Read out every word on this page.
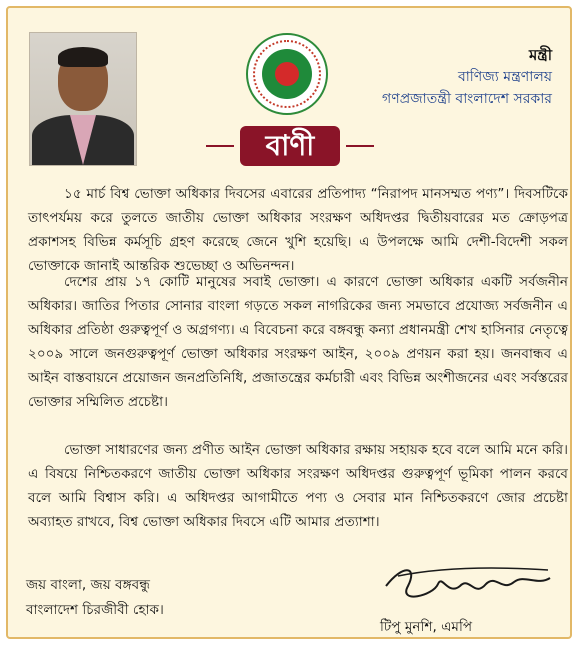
বাণী
মন্ত্রী
বাণিজ্য মন্ত্রণালয়
গণপ্রজাতন্ত্রী বাংলাদেশ সরকার

১৫ মার্চ বিশ্ব ভোক্তা অধিকার দিবসের এবারের প্রতিপাদ্য “নিরাপদ মানসম্মত পণ্য”। দিবসটিকে তাৎপর্যময় করে তুলতে জাতীয় ভোক্তা অধিকার সংরক্ষণ অধিদপ্তর দ্বিতীয়বারের মত ক্রোড়পত্র প্রকাশসহ বিভিন্ন কর্মসূচি গ্রহণ করেছে জেনে খুশি হয়েছি। এ উপলক্ষে আমি দেশী-বিদেশী সকল ভোক্তাকে জানাই আন্তরিক শুভেচ্ছা ও অভিনন্দন।

দেশের প্রায় ১৭ কোটি মানুষের সবাই ভোক্তা। এ কারণে ভোক্তা অধিকার একটি সর্বজনীন অধিকার। জাতির পিতার সোনার বাংলা গড়তে সকল নাগরিকের জন্য সমভাবে প্রযোজ্য সর্বজনীন এ অধিকার প্রতিষ্ঠা গুরুত্বপূর্ণ ও অগ্রগণ্য। এ বিবেচনা করে বঙ্গবন্ধু কন্যা প্রধানমন্ত্রী শেখ হাসিনার নেতৃত্বে ২০০৯ সালে জনগুরুত্বপূর্ণ ভোক্তা অধিকার সংরক্ষণ আইন, ২০০৯ প্রণয়ন করা হয়। জনবান্ধব এ আইন বাস্তবায়নে প্রয়োজন জনপ্রতিনিধি, প্রজাতন্ত্রের কর্মচারী এবং বিভিন্ন অংশীজনের এবং সর্বস্তরের ভোক্তার সম্মিলিত প্রচেষ্টা।

ভোক্তা সাধারণের জন্য প্রণীত আইন ভোক্তা অধিকার রক্ষায় সহায়ক হবে বলে আমি মনে করি। এ বিষয়ে নিশ্চিতকরণে জাতীয় ভোক্তা অধিকার সংরক্ষণ অধিদপ্তর গুরুত্বপূর্ণ ভূমিকা পালন করবে বলে আমি বিশ্বাস করি। এ অধিদপ্তর আগামীতে পণ্য ও সেবার মান নিশ্চিতকরণে জোর প্রচেষ্টা অব্যাহত রাখবে, বিশ্ব ভোক্তা অধিকার দিবসে এটি আমার প্রত্যাশা।

জয় বাংলা, জয় বঙ্গবন্ধু
বাংলাদেশ চিরজীবী হোক।
টিপু মুনশি, এমপি
